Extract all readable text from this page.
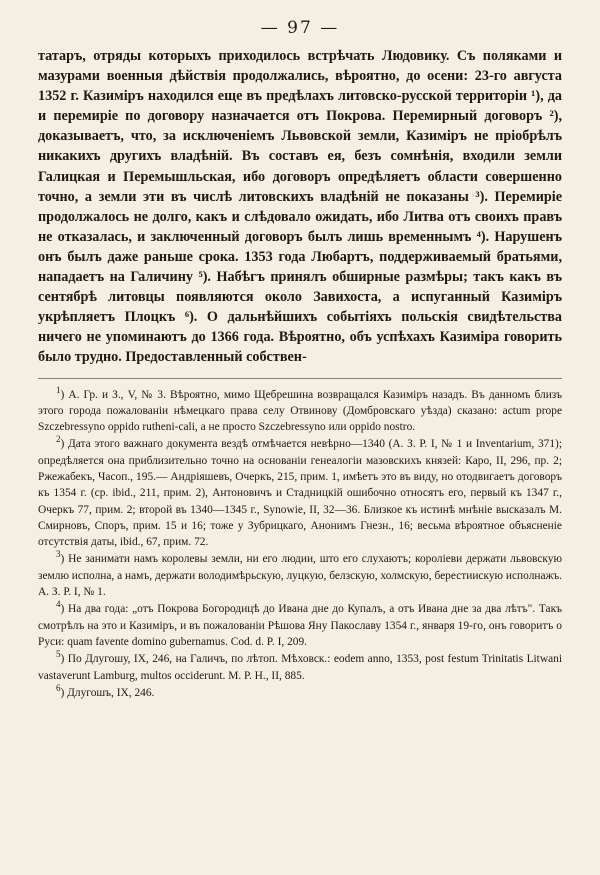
— 97 —

татаръ, отряды которыхъ приходилось встрѣчать Людовику. Съ поляками и мазурами военныя дѣйствія продолжались, вѣроятно, до осени: 23-го августа 1352 г. Казиміръ находился еще въ предѣлахъ литовско-русской территоріи ¹), да и перемиріе по договору назначается отъ Покрова. Перемирный договоръ ²), доказываетъ, что, за исключеніемъ Львовской земли, Казиміръ не пріобрѣлъ никакихъ другихъ владѣній. Въ составъ ея, безъ сомнѣнія, входили земли Галицкая и Перемышльская, ибо договоръ опредѣляетъ области совершенно точно, а земли эти въ числѣ литовскихъ владѣній не показаны ³). Перемиріе продолжалось не долго, какъ и слѣдовало ожидать, ибо Литва отъ своихъ правъ не отказалась, и заключенный договоръ былъ лишь временнымъ ⁴). Нарушенъ онъ былъ даже раньше срока. 1353 года Любартъ, поддерживаемый братьями, нападаетъ на Галичину ⁵). Набѣгъ принялъ обширные размѣры; такъ какъ въ сентябрѣ литовцы появляются около Завихоста, а испуганный Казиміръ укрѣпляетъ Плоцкъ ⁶). О дальнѣйшихъ событіяхъ польскія свидѣтельства ничего не упоминаютъ до 1366 года. Вѣроятно, объ успѣхахъ Казиміра говорить было трудно. Предоставленный собствен-

$^1$) А. Гр. и З., V, № 3. Вѣроятно, мимо Щебрешина возвращался Казиміръ назадъ. Въ данномъ близъ этого города пожалованіи нѣмецкаго права селу Отвинову (Домбровскаго уѣзда) сказано: actum prope Szczebressyno oppido rutheni-cali, а не просто Szczebressyno или oppido nostro.

$^2$) Дата этого важнаго документа вездѣ отмѣчается невѣрно—1340 (А. З. Р. I, № 1 и Inventarium, 371); опредѣляется она приблизительно точно на основаніи генеалогіи мазовскихъ князей: Каро, II, 296, пр. 2; Ржежабекъ, Часоп., 195.— Андріяшевъ, Очеркъ, 215, прим. 1, имѣетъ это въ виду, но отодвигаетъ договоръ къ 1354 г. (ср. ibid., 211, прим. 2), Антоновичъ и Стадницкій ошибочно относятъ его, первый къ 1347 г., Очеркъ 77, прим. 2; второй въ 1340—1345 г., Synowie, II, 32—36. Близкое къ истинѣ мнѣніе высказалъ М. Смирновъ, Споръ, прим. 15 и 16; тоже у Зубрицкаго, Анонимъ Гнезн., 16; весьма вѣроятное объясненіе отсутствія даты, ibid., 67, прим. 72.

$^3$) Не занимати намъ королевы земли, ни его людии, што его слухаютъ; короліеви держати львовскую землю исполна, а намъ, держати володимѣрьскую, луцкую, белзскую, холмскую, берестиискую исполнажъ. А. З. Р. I, № 1.

$^4$) На два года: „отъ Покрова Богородицѣ до Ивана дне до Купалъ, а отъ Ивана дне за два лѣтъ". Такъ смотрѣлъ на это и Казиміръ, и въ пожалованіи Рѣшова Яну Пакославу 1354 г., января 19-го, онъ говоритъ о Руси: quam favente domino gubernamus. Cod. d. P. I, 209.

$^5$) По Длугошу, IX, 246, на Галичъ, по лѣтоп. Мѣховск.: eodem anno, 1353, post festum Trinitatis Litwani vastaverunt Lamburg, multos occiderunt. М. Р. Н., II, 885.

$^6$) Длугошъ, IX, 246.
